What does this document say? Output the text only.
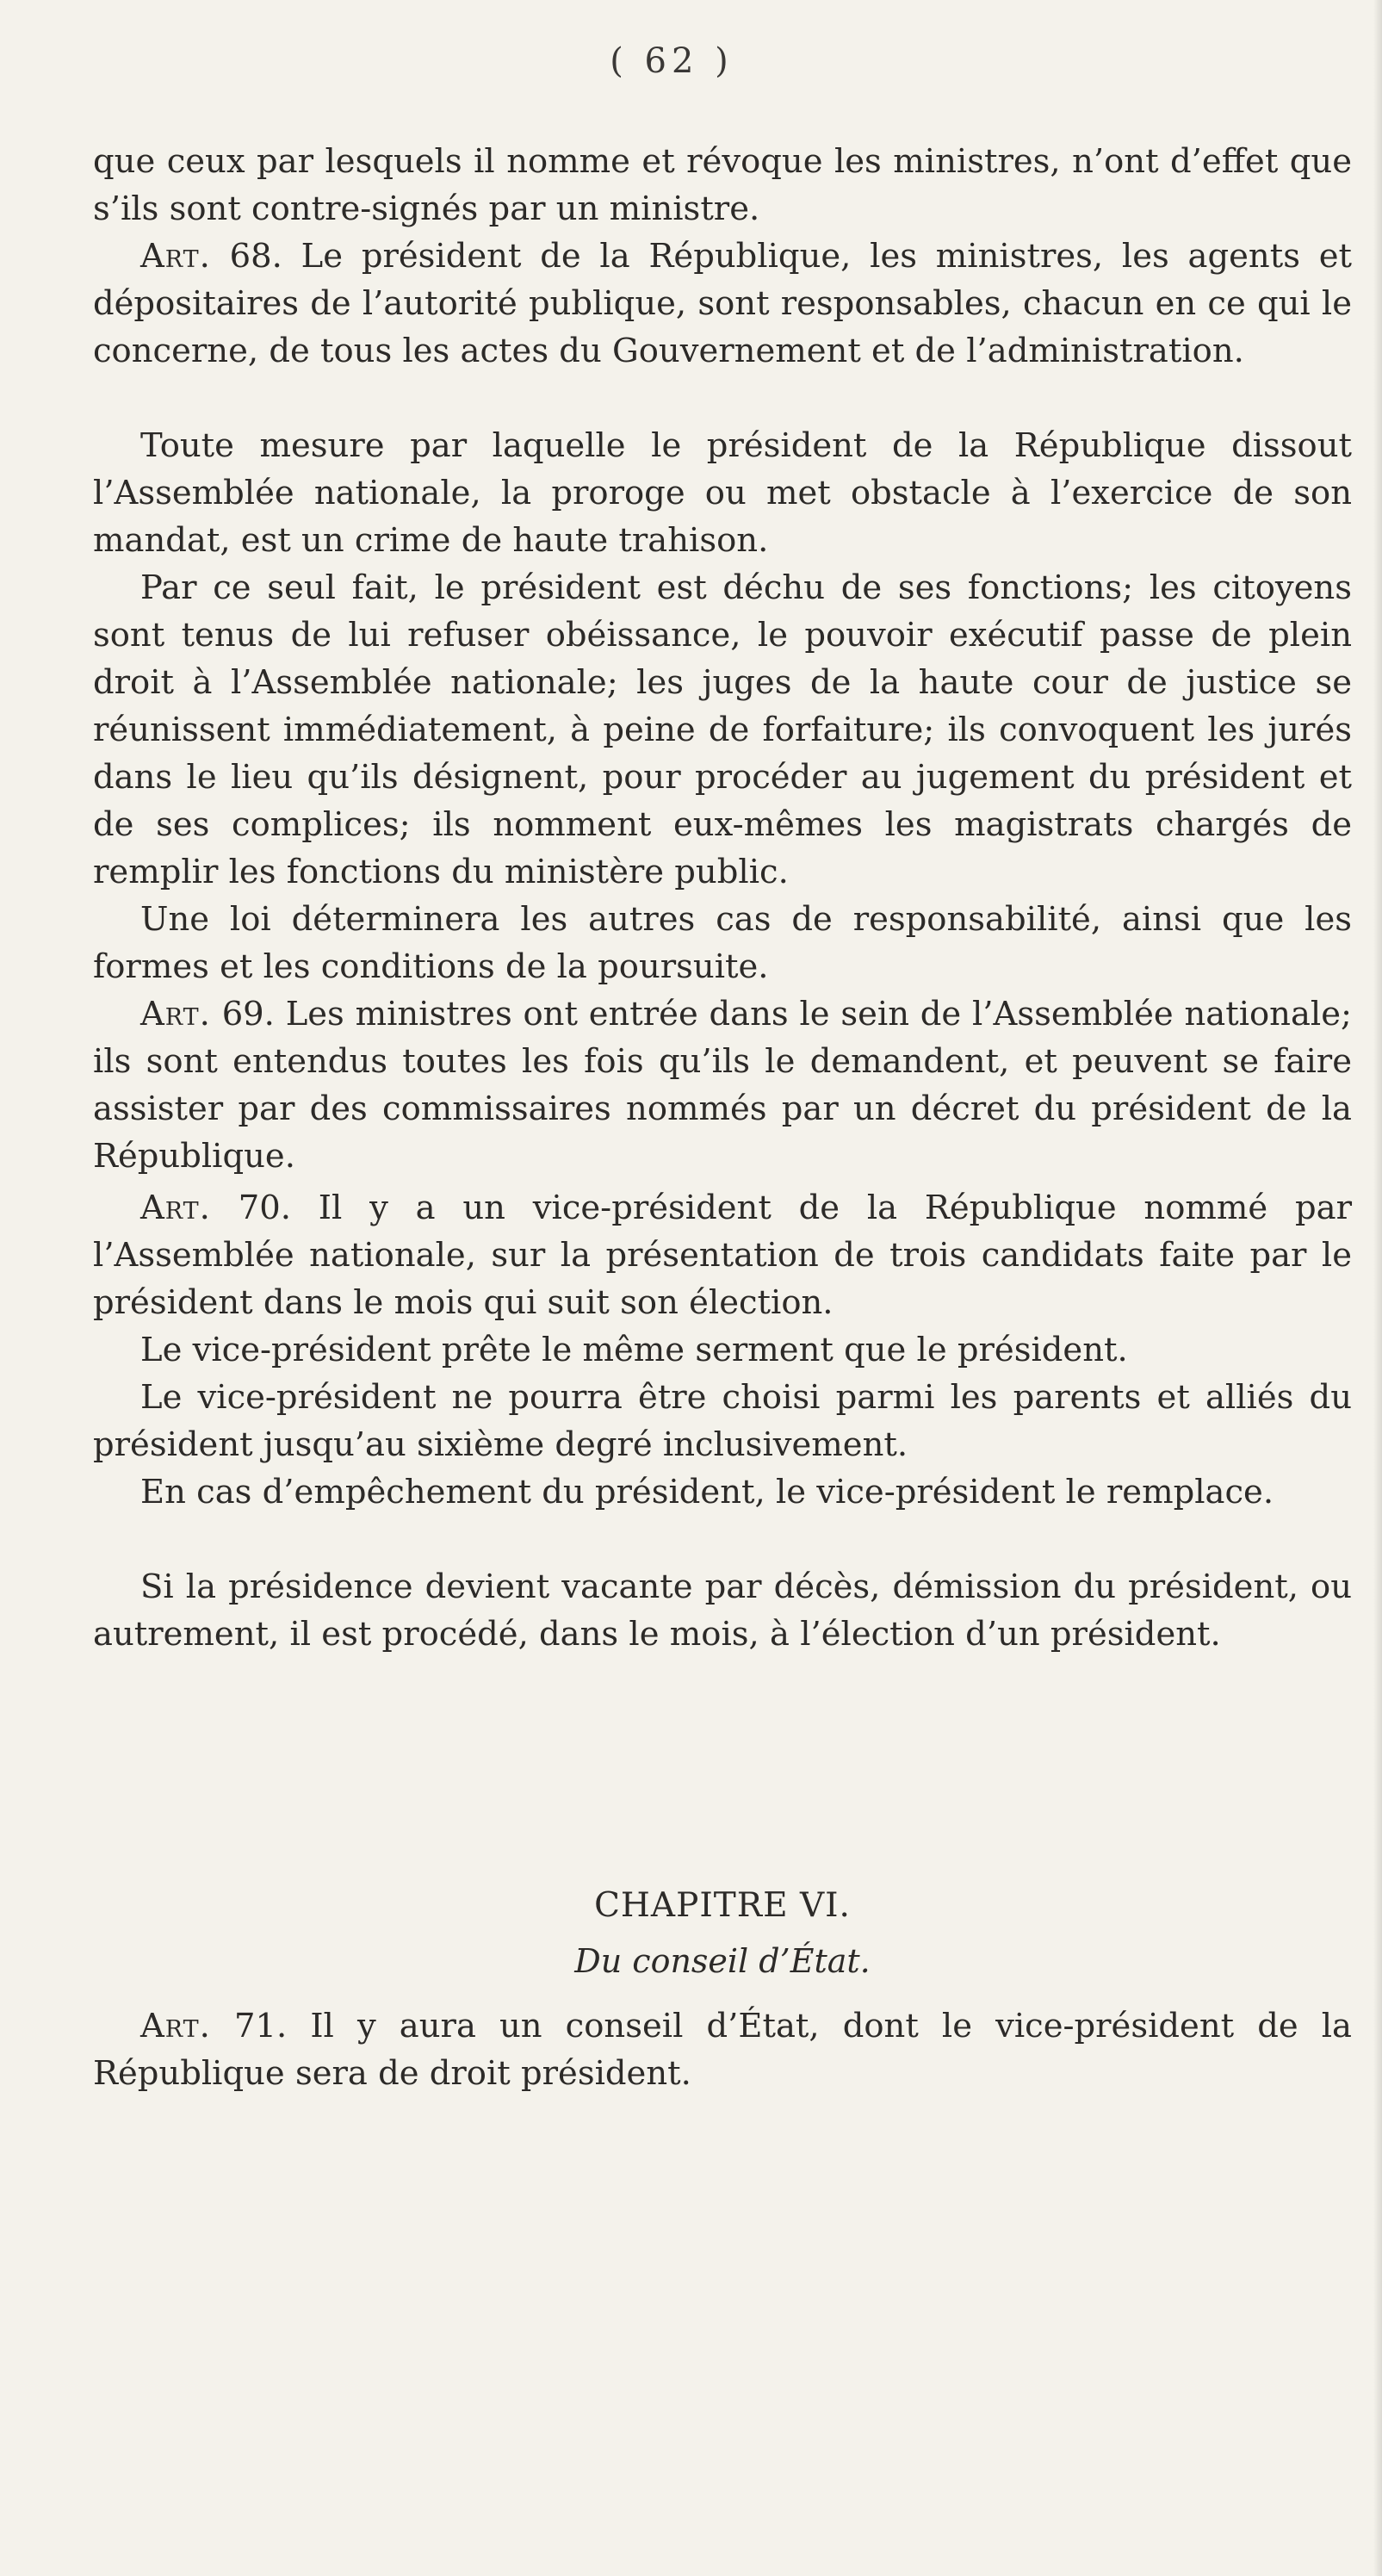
( 62 )

que ceux par lesquels il nomme et révoque les ministres, n’ont d’effet que s’ils sont contre-signés par un ministre.

Art. 68. Le président de la République, les ministres, les agents et dépositaires de l’autorité publique, sont responsables, chacun en ce qui le concerne, de tous les actes du Gouvernement et de l’administration.

Toute mesure par laquelle le président de la République dissout l’Assemblée nationale, la proroge ou met obstacle à l’exercice de son mandat, est un crime de haute trahison.

Par ce seul fait, le président est déchu de ses fonctions; les citoyens sont tenus de lui refuser obéissance, le pouvoir exécutif passe de plein droit à l’Assemblée nationale; les juges de la haute cour de justice se réunissent immédiatement, à peine de forfaiture; ils convoquent les jurés dans le lieu qu’ils désignent, pour procéder au jugement du président et de ses complices; ils nomment eux-mêmes les magistrats chargés de remplir les fonctions du ministère public.

Une loi déterminera les autres cas de responsabilité, ainsi que les formes et les conditions de la poursuite.

Art. 69. Les ministres ont entrée dans le sein de l’Assemblée nationale; ils sont entendus toutes les fois qu’ils le demandent, et peuvent se faire assister par des commissaires nommés par un décret du président de la République.

Art. 70. Il y a un vice-président de la République nommé par l’Assemblée nationale, sur la présentation de trois candidats faite par le président dans le mois qui suit son élection.

Le vice-président prête le même serment que le président.

Le vice-président ne pourra être choisi parmi les parents et alliés du président jusqu’au sixième degré inclusivement.

En cas d’empêchement du président, le vice-président le remplace.

Si la présidence devient vacante par décès, démission du président, ou autrement, il est procédé, dans le mois, à l’élection d’un président.

CHAPITRE VI.
Du conseil d’État.

Art. 71. Il y aura un conseil d’État, dont le vice-président de la République sera de droit président.
